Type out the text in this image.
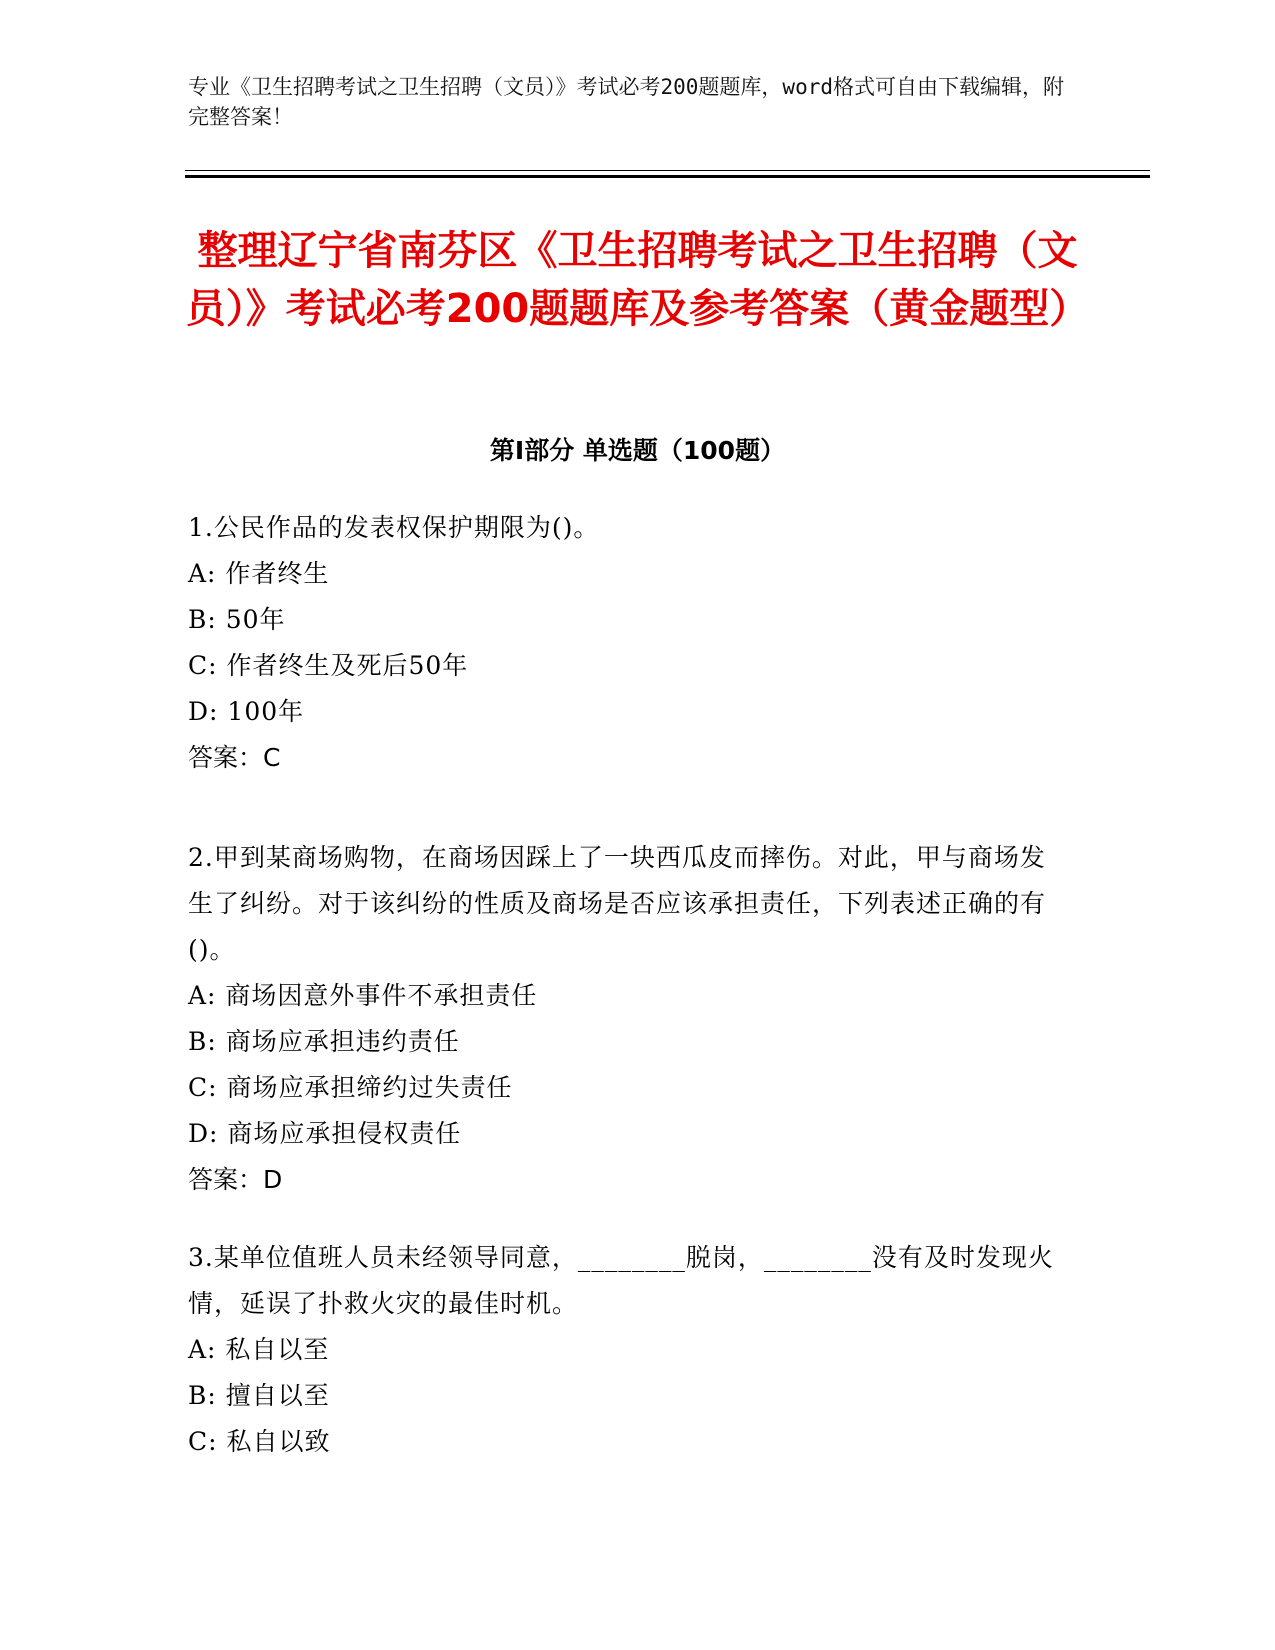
专业《卫生招聘考试之卫生招聘（文员）》考试必考200题题库，word格式可自由下载编辑，附完整答案！
整理辽宁省南芬区《卫生招聘考试之卫生招聘（文员）》考试必考200题题库及参考答案（黄金题型）
第Ⅰ部分 单选题（100题）

1.公民作品的发表权保护期限为()。

A: 作者终生

B: 50年

C: 作者终生及死后50年

D: 100年

答案：C

2.甲到某商场购物，在商场因踩上了一块西瓜皮而摔伤。对此，甲与商场发生了纠纷。对于该纠纷的性质及商场是否应该承担责任，下列表述正确的有()。

A: 商场因意外事件不承担责任

B: 商场应承担违约责任

C: 商场应承担缔约过失责任

D: 商场应承担侵权责任

答案：D

3.某单位值班人员未经领导同意，________脱岗，________没有及时发现火情，延误了扑救火灾的最佳时机。

A: 私自以至

B: 擅自以至

C: 私自以致
